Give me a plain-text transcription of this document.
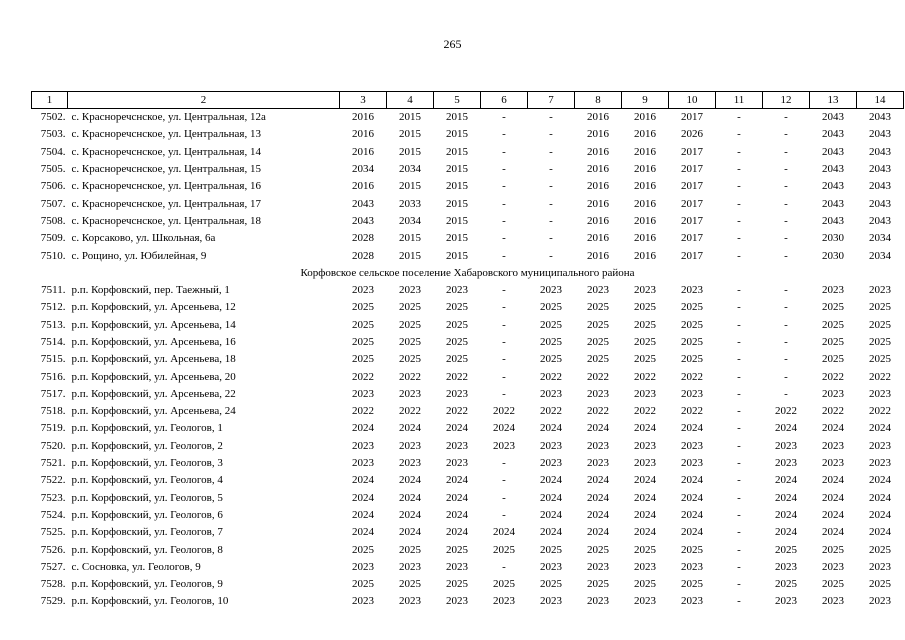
265
1	2	3	4	5	6	7	8	9	10	11	12	13	14
7502.	с. Красноречснское, ул. Центральная, 12а	2016	2015	2015	-	-	2016	2016	2017	-	-	2043	2043
7503.	с. Красноречснское, ул. Центральная, 13	2016	2015	2015	-	-	2016	2016	2026	-	-	2043	2043
7504.	с. Красноречснское, ул. Центральная, 14	2016	2015	2015	-	-	2016	2016	2017	-	-	2043	2043
7505.	с. Красноречснское, ул. Центральная, 15	2034	2034	2015	-	-	2016	2016	2017	-	-	2043	2043
7506.	с. Красноречснское, ул. Центральная, 16	2016	2015	2015	-	-	2016	2016	2017	-	-	2043	2043
7507.	с. Красноречснское, ул. Центральная, 17	2043	2033	2015	-	-	2016	2016	2017	-	-	2043	2043
7508.	с. Красноречснское, ул. Центральная, 18	2043	2034	2015	-	-	2016	2016	2017	-	-	2043	2043
7509.	с. Корсаково, ул. Школьная, 6а	2028	2015	2015	-	-	2016	2016	2017	-	-	2030	2034
7510.	с. Рощино, ул. Юбилейная, 9	2028	2015	2015	-	-	2016	2016	2017	-	-	2030	2034
Корфовское сельское поселение Хабаровского муниципального района													
7511.	р.п. Корфовский, пер. Таежный, 1	2023	2023	2023	-	2023	2023	2023	2023	-	-	2023	2023
7512.	р.п. Корфовский, ул. Арсеньева, 12	2025	2025	2025	-	2025	2025	2025	2025	-	-	2025	2025
7513.	р.п. Корфовский, ул. Арсеньева, 14	2025	2025	2025	-	2025	2025	2025	2025	-	-	2025	2025
7514.	р.п. Корфовский, ул. Арсеньева, 16	2025	2025	2025	-	2025	2025	2025	2025	-	-	2025	2025
7515.	р.п. Корфовский, ул. Арсеньева, 18	2025	2025	2025	-	2025	2025	2025	2025	-	-	2025	2025
7516.	р.п. Корфовский, ул. Арсеньева, 20	2022	2022	2022	-	2022	2022	2022	2022	-	-	2022	2022
7517.	р.п. Корфовский, ул. Арсеньева, 22	2023	2023	2023	-	2023	2023	2023	2023	-	-	2023	2023
7518.	р.п. Корфовский, ул. Арсеньева, 24	2022	2022	2022	2022	2022	2022	2022	2022	-	2022	2022	2022
7519.	р.п. Корфовский, ул. Геологов, 1	2024	2024	2024	2024	2024	2024	2024	2024	-	2024	2024	2024
7520.	р.п. Корфовский, ул. Геологов, 2	2023	2023	2023	2023	2023	2023	2023	2023	-	2023	2023	2023
7521.	р.п. Корфовский, ул. Геологов, 3	2023	2023	2023	-	2023	2023	2023	2023	-	2023	2023	2023
7522.	р.п. Корфовский, ул. Геологов, 4	2024	2024	2024	-	2024	2024	2024	2024	-	2024	2024	2024
7523.	р.п. Корфовский, ул. Геологов, 5	2024	2024	2024	-	2024	2024	2024	2024	-	2024	2024	2024
7524.	р.п. Корфовский, ул. Геологов, 6	2024	2024	2024	-	2024	2024	2024	2024	-	2024	2024	2024
7525.	р.п. Корфовский, ул. Геологов, 7	2024	2024	2024	2024	2024	2024	2024	2024	-	2024	2024	2024
7526.	р.п. Корфовский, ул. Геологов, 8	2025	2025	2025	2025	2025	2025	2025	2025	-	2025	2025	2025
7527.	с. Сосновка, ул. Геологов, 9	2023	2023	2023	-	2023	2023	2023	2023	-	2023	2023	2023
7528.	р.п. Корфовский, ул. Геологов, 9	2025	2025	2025	2025	2025	2025	2025	2025	-	2025	2025	2025
7529.	р.п. Корфовский, ул. Геологов, 10	2023	2023	2023	2023	2023	2023	2023	2023	-	2023	2023	2023
